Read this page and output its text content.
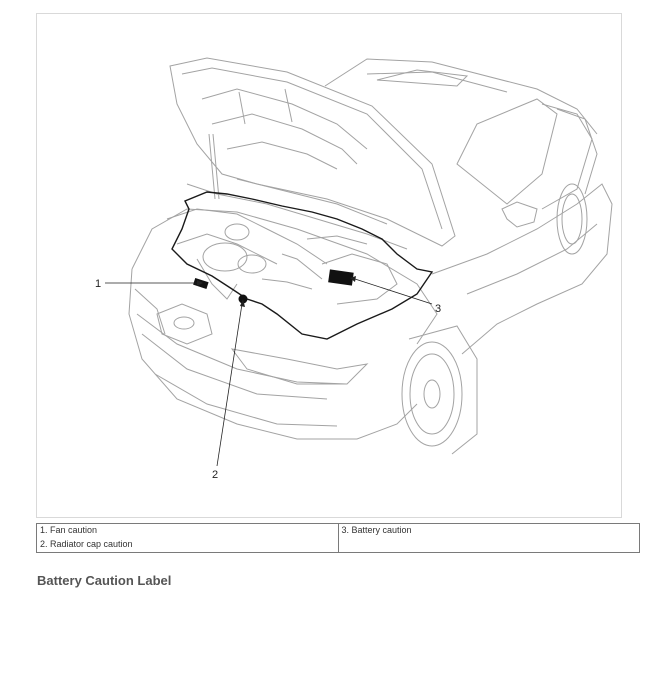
1
2
3
1. Fan caution	3. Battery caution
2. Radiator cap caution	
Battery Caution Label
